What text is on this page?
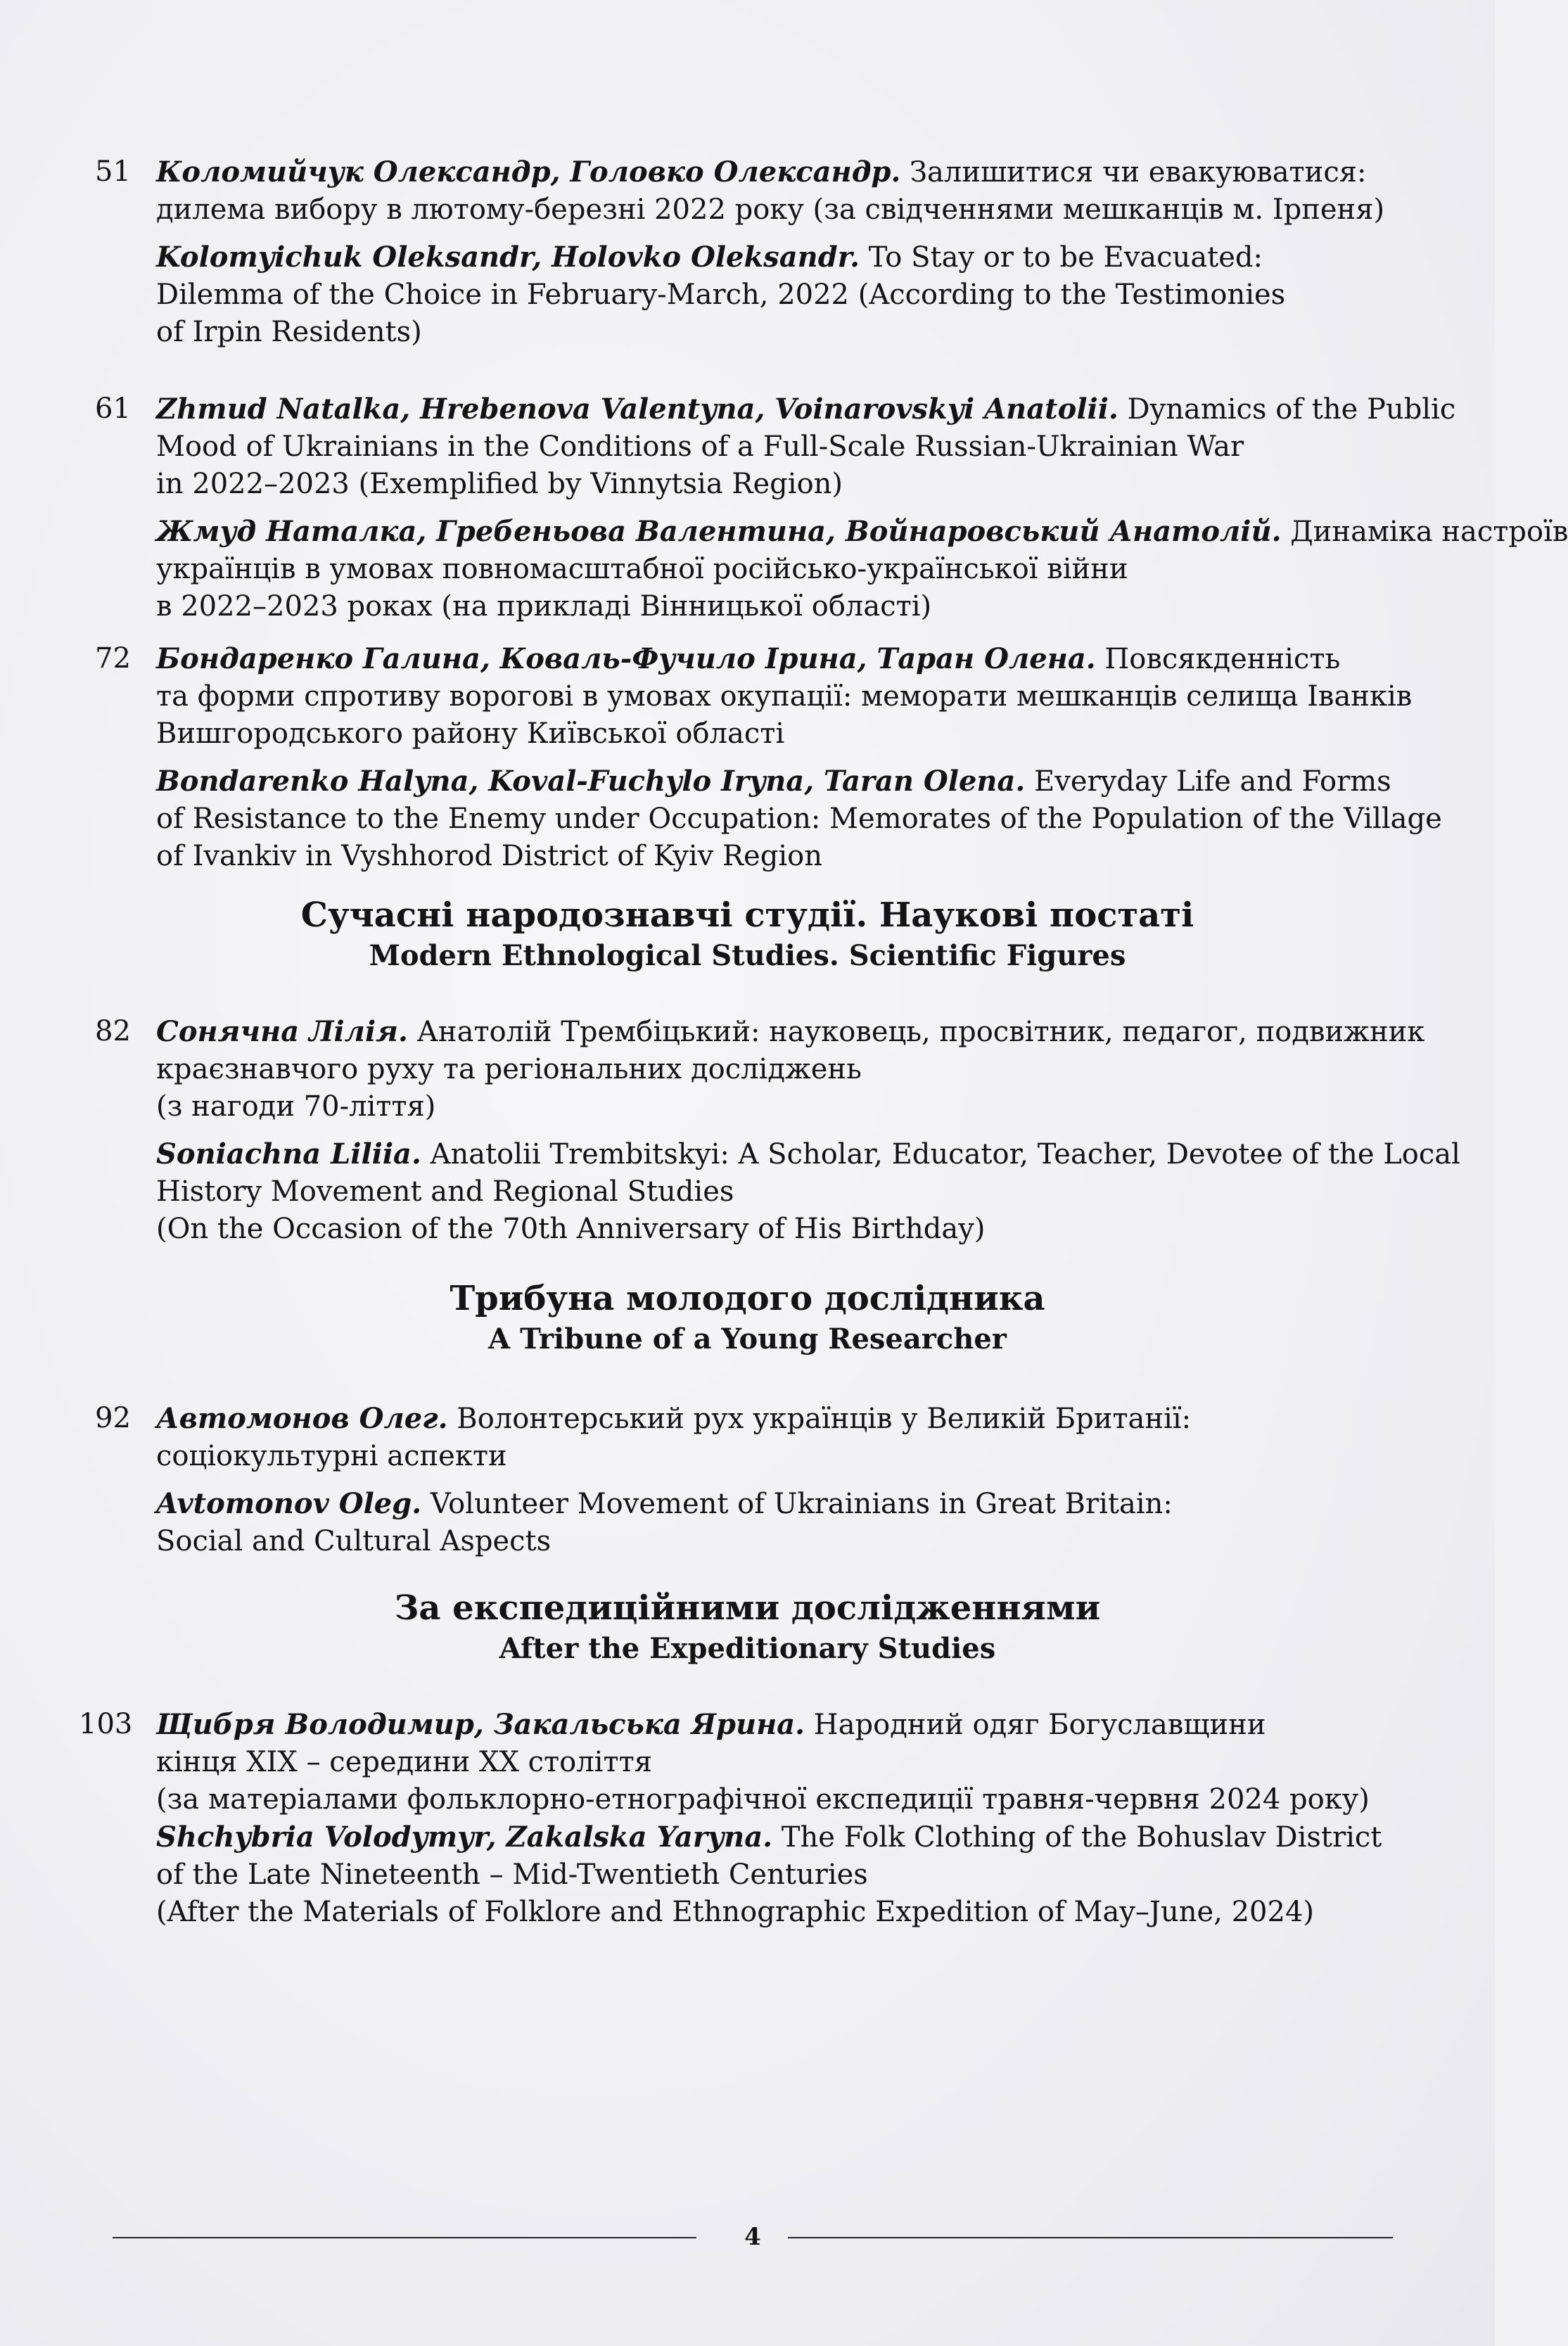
51 Коломийчук Олександр, Головко Олександр. Залишитися чи евакуюватися:
дилема вибору в лютому-березні 2022 року (за свідченнями мешканців м. Ірпеня)
Kolomyichuk Oleksandr, Holovko Oleksandr. To Stay or to be Evacuated:
Dilemma of the Choice in February-March, 2022 (According to the Testimonies
of Irpin Residents)
61 Zhmud Natalka, Hrebenova Valentyna, Voinarovskyi Anatolii. Dynamics of the Public
Mood of Ukrainians in the Conditions of a Full-Scale Russian-Ukrainian War
in 2022–2023 (Exemplified by Vinnytsia Region)
Жмуд Наталка, Гребеньова Валентина, Войнаровський Анатолій. Динаміка настроїв
українців в умовах повномасштабної російсько-української війни
в 2022–2023 роках (на прикладі Вінницької області)
72 Бондаренко Галина, Коваль-Фучило Ірина, Таран Олена. Повсякденність
та форми спротиву ворогові в умовах окупації: меморати мешканців селища Іванків
Вишгородського району Київської області
Bondarenko Halyna, Koval-Fuchylo Iryna, Taran Olena. Everyday Life and Forms
of Resistance to the Enemy under Occupation: Memorates of the Population of the Village
of Ivankiv in Vyshhorod District of Kyiv Region
Сучасні народознавчі студії. Наукові постаті
Modern Ethnological Studies. Scientific Figures
82 Сонячна Лілія. Анатолій Трембіцький: науковець, просвітник, педагог, подвижник
краєзнавчого руху та регіональних досліджень
(з нагоди 70-ліття)
Soniachna Liliia. Anatolii Trembitskyi: A Scholar, Educator, Teacher, Devotee of the Local
History Movement and Regional Studies
(On the Occasion of the 70th Anniversary of His Birthday)
Трибуна молодого дослідника
A Tribune of a Young Researcher
92 Автомонов Олег. Волонтерський рух українців у Великій Британії:
соціокультурні аспекти
Avtomonov Oleg. Volunteer Movement of Ukrainians in Great Britain:
Social and Cultural Aspects
За експедиційними дослідженнями
After the Expeditionary Studies
103 Щибря Володимир, Закальська Ярина. Народний одяг Богуславщини
кінця XIX – середини XX століття
(за матеріалами фольклорно-етнографічної експедиції травня-червня 2024 року)
Shchybria Volodymyr, Zakalska Yaryna. The Folk Clothing of the Bohuslav District
of the Late Nineteenth – Mid-Twentieth Centuries
(After the Materials of Folklore and Ethnographic Expedition of May–June, 2024)
4
